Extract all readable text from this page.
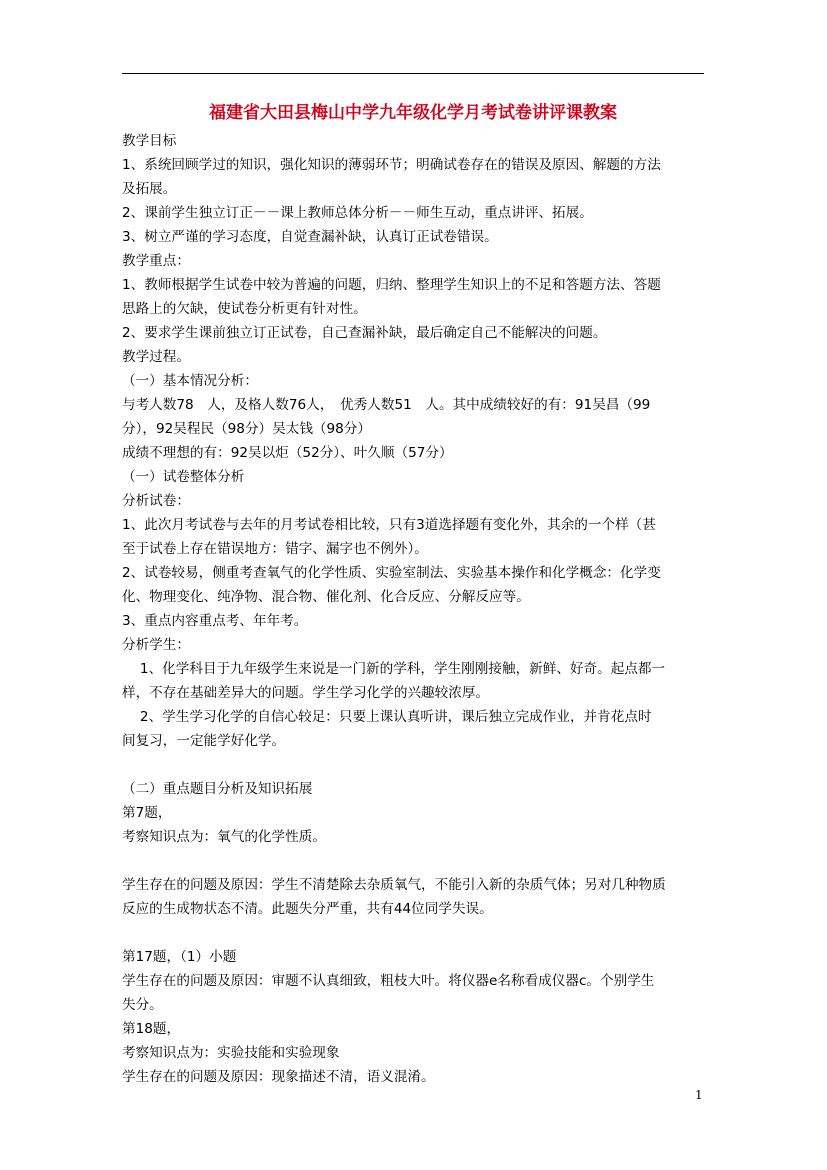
福建省大田县梅山中学九年级化学月考试卷讲评课教案
教学目标
1、系统回顾学过的知识，强化知识的薄弱环节；明确试卷存在的错误及原因、解题的方法
及拓展。
2、课前学生独立订正－－课上教师总体分析－－师生互动，重点讲评、拓展。
3、树立严谨的学习态度，自觉查漏补缺，认真订正试卷错误。
教学重点：
1、教师根据学生试卷中较为普遍的问题，归纳、整理学生知识上的不足和答题方法、答题
思路上的欠缺，使试卷分析更有针对性。
2、要求学生课前独立订正试卷，自己查漏补缺，最后确定自己不能解决的问题。
教学过程。
（一）基本情况分析：
与考人数78　人，及格人数76人，　优秀人数51　人。其中成绩较好的有：91吴昌（99
分），92吴程民（98分）吴太钱（98分）
成绩不理想的有：92吴以炬（52分）、叶久顺（57分）
（一）试卷整体分析
分析试卷：
1、此次月考试卷与去年的月考试卷相比较，只有3道选择题有变化外，其余的一个样（甚
至于试卷上存在错误地方：错字、漏字也不例外）。
2、试卷较易，侧重考查氧气的化学性质、实验室制法、实验基本操作和化学概念：化学变
化、物理变化、纯净物、混合物、催化剂、化合反应、分解反应等。
3、重点内容重点考、年年考。
分析学生：
　 1、化学科目于九年级学生来说是一门新的学科，学生刚刚接触，新鲜、好奇。起点都一
样，不存在基础差异大的问题。学生学习化学的兴趣较浓厚。
　 2、学生学习化学的自信心较足：只要上课认真听讲，课后独立完成作业，并肯花点时
间复习，一定能学好化学。
（二）重点题目分析及知识拓展
第7题，
考察知识点为：氧气的化学性质。
学生存在的问题及原因：学生不清楚除去杂质氧气，不能引入新的杂质气体；另对几种物质
反应的生成物状态不清。此题失分严重，共有44位同学失误。
第17题，（1）小题
学生存在的问题及原因：审题不认真细致，粗枝大叶。将仪器e名称看成仪器c。个别学生
失分。
第18题，
考察知识点为：实验技能和实验现象
学生存在的问题及原因：现象描述不清，语义混淆。
1
